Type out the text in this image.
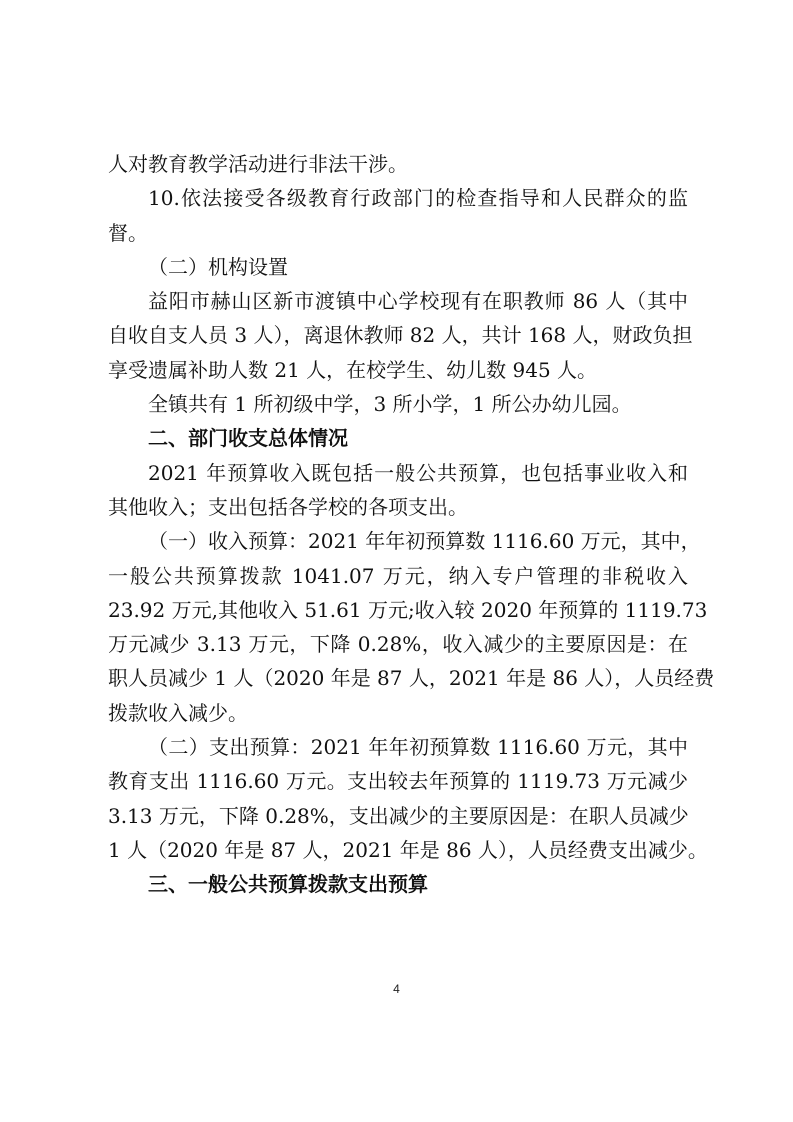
人对教育教学活动进行非法干涉。
10.依法接受各级教育行政部门的检查指导和人民群众的监
督。
（二）机构设置
益阳市赫山区新市渡镇中心学校现有在职教师 86 人（其中
自收自支人员 3 人），离退休教师 82 人，共计 168 人，财政负担
享受遗属补助人数 21 人，在校学生、幼儿数 945 人。
全镇共有 1 所初级中学，3 所小学，1 所公办幼儿园。
二、部门收支总体情况
2021 年预算收入既包括一般公共预算，也包括事业收入和
其他收入；支出包括各学校的各项支出。
（一）收入预算：2021 年年初预算数 1116.60 万元，其中，
一般公共预算拨款 1041.07 万元，纳入专户管理的非税收入
23.92 万元,其他收入 51.61 万元;收入较 2020 年预算的 1119.73
万元减少 3.13 万元，下降 0.28%，收入减少的主要原因是：在
职人员减少 1 人（2020 年是 87 人，2021 年是 86 人），人员经费
拨款收入减少。
（二）支出预算：2021 年年初预算数 1116.60 万元，其中
教育支出 1116.60 万元。支出较去年预算的 1119.73 万元减少
3.13 万元，下降 0.28%，支出减少的主要原因是：在职人员减少
1 人（2020 年是 87 人，2021 年是 86 人），人员经费支出减少。
三、一般公共预算拨款支出预算
4
